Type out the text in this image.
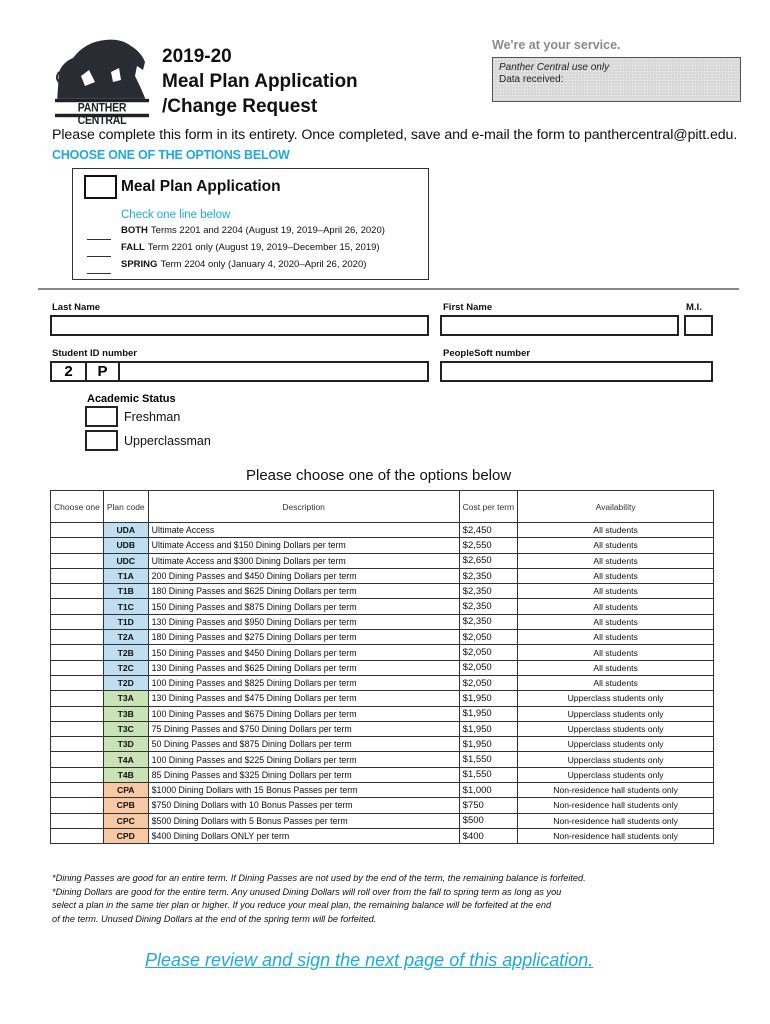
PANTHER CENTRAL
2019-20
Meal Plan Application
/Change Request
We're at your service.
Panther Central use only
Data received:
Please complete this form in its entirety. Once completed, save and e-mail the form to panthercentral@pitt.edu.
CHOOSE ONE OF THE OPTIONS BELOW
Meal Plan Application
Check one line below
BOTH Terms 2201 and 2204 (August 19, 2019–April 26, 2020)
FALL Term 2201 only (August 19, 2019–December 15, 2019)
SPRING Term 2204 only (January 4, 2020–April 26, 2020)
Last Name	First Name	M.I.
Student ID number
2	P
PeopleSoft number
Academic Status
Freshman
Upperclassman
Please choose one of the options below
Choose one	Plan code	Description	Cost per term	Availability
	UDA	Ultimate Access	$2,450	All students
	UDB	Ultimate Access and $150 Dining Dollars per term	$2,550	All students
	UDC	Ultimate Access and $300 Dining Dollars per term	$2,650	All students
	T1A	200 Dining Passes and $450 Dining Dollars per term	$2,350	All students
	T1B	180 Dining Passes and $625 Dining Dollars per term	$2,350	All students
	T1C	150 Dining Passes and $875 Dining Dollars per term	$2,350	All students
	T1D	130 Dining Passes and $950 Dining Dollars per term	$2,350	All students
	T2A	180 Dining Passes and $275 Dining Dollars per term	$2,050	All students
	T2B	150 Dining Passes and $450 Dining Dollars per term	$2,050	All students
	T2C	130 Dining Passes and $625 Dining Dollars per term	$2,050	All students
	T2D	100 Dining Passes and $825 Dining Dollars per term	$2,050	All students
	T3A	130 Dining Passes and $475 Dining Dollars per term	$1,950	Upperclass students only
	T3B	100 Dining Passes and $675 Dining Dollars per term	$1,950	Upperclass students only
	T3C	75 Dining Passes and $750 Dining Dollars per term	$1,950	Upperclass students only
	T3D	50 Dining Passes and $875 Dining Dollars per term	$1,950	Upperclass students only
	T4A	100 Dining Passes and $225 Dining Dollars per term	$1,550	Upperclass students only
	T4B	85 Dining Passes and $325 Dining Dollars per term	$1,550	Upperclass students only
	CPA	$1000 Dining Dollars with 15 Bonus Passes per term	$1,000	Non-residence hall students only
	CPB	$750 Dining Dollars with 10 Bonus Passes per term	$750	Non-residence hall students only
	CPC	$500 Dining Dollars with 5 Bonus Passes per term	$500	Non-residence hall students only
	CPD	$400 Dining Dollars ONLY per term	$400	Non-residence hall students only
*Dining Passes are good for an entire term. If Dining Passes are not used by the end of the term, the remaining balance is forfeited.
*Dining Dollars are good for the entire term. Any unused Dining Dollars will roll over from the fall to spring term as long as you
select a plan in the same tier plan or higher. If you reduce your meal plan, the remaining balance will be forfeited at the end
of the term. Unused Dining Dollars at the end of the spring term will be forfeited.
Please review and sign the next page of this application.
